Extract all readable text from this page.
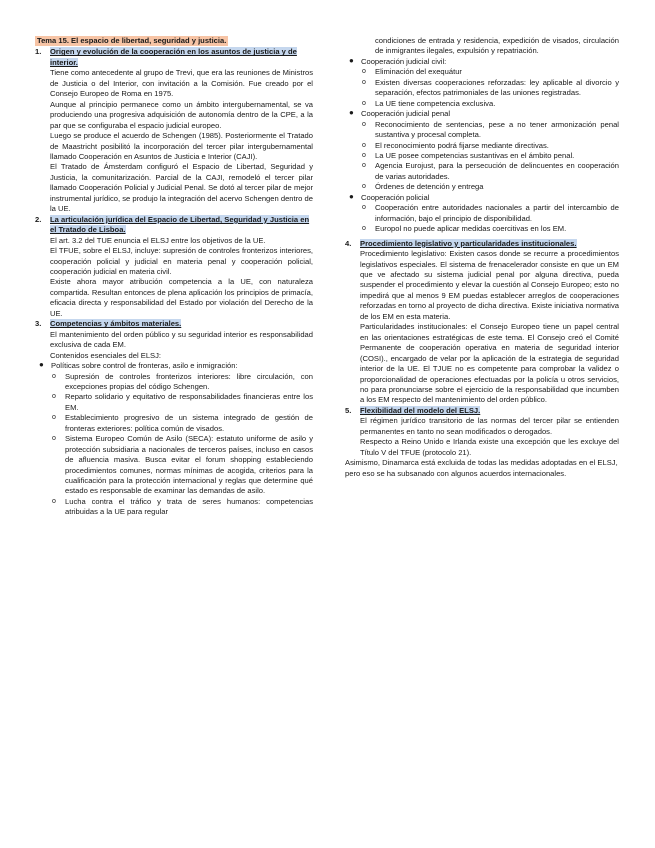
Tema 15. El espacio de libertad, seguridad y justicia.
1. Origen y evolución de la cooperación en los asuntos de justicia y de interior.

Tiene como antecedente al grupo de Trevi, que era las reuniones de Ministros de Justicia o del Interior, con invitación a la Comisión. Fue creado por el Consejo Europeo de Roma en 1975.

Aunque al principio permanece como un ámbito intergubernamental, se va produciendo una progresiva adquisición de autonomía dentro de la CPE, a la par que se configuraba el espacio judicial europeo.

Luego se produce el acuerdo de Schengen (1985). Posteriormente el Tratado de Maastricht posibilitó la incorporación del tercer pilar intergubernamental llamado Cooperación en Asuntos de Justicia e Interior (CAJI).

El Tratado de Ámsterdam configuró el Espacio de Libertad, Seguridad y Justicia, la comunitarización. Parcial de la CAJI, remodeló el tercer pilar llamado Cooperación Policial y Judicial Penal. Se dotó al tercer pilar de mejor instrumental jurídico, se produjo la integración del acervo Schengen dentro de la UE.

2. La articulación jurídica del Espacio de Libertad, Seguridad y Justicia en el Tratado de Lisboa.

El art. 3.2 del TUE enuncia el ELSJ entre los objetivos de la UE.

El TFUE, sobre el ELSJ, incluye: supresión de controles fronterizos interiores, cooperación policial y judicial en materia penal y cooperación policial, cooperación judicial en materia civil.

Existe ahora mayor atribución competencia a la UE, con naturaleza compartida. Resultan entonces de plena aplicación los principios de primacía, eficacia directa y responsabilidad del Estado por violación del Derecho de la UE.

3. Competencias y ámbitos materiales.

El mantenimiento del orden público y su seguridad interior es responsabilidad exclusiva de cada EM.

Contenidos esenciales del ELSJ:

● Políticas sobre control de fronteras, asilo e inmigración:

o Supresión de controles fronterizos interiores: libre circulación, con excepciones propias del código Schengen.

o Reparto solidario y equitativo de responsabilidades financieras entre los EM.

o Establecimiento progresivo de un sistema integrado de gestión de fronteras exteriores: política común de visados.

o Sistema Europeo Común de Asilo (SECA): estatuto uniforme de asilo y protección subsidiaria a nacionales de terceros países, incluso en casos de afluencia masiva. Busca evitar el forum shopping estableciendo procedimientos comunes, normas mínimas de acogida, criterios para la cualificación para la protección internacional y reglas que determine qué estado es responsable de examinar las demandas de asilo.

o Lucha contra el tráfico y trata de seres humanos: competencias atribuidas a la UE para regular

condiciones de entrada y residencia, expedición de visados, circulación de inmigrantes ilegales, expulsión y repatriación.

● Cooperación judicial civil:

o Eliminación del exequátur

o Existen diversas cooperaciones reforzadas: ley aplicable al divorcio y separación, efectos patrimoniales de las uniones registradas.

o La UE tiene competencia exclusiva.

● Cooperación judicial penal

o Reconocimiento de sentencias, pese a no tener armonización penal sustantiva y procesal completa.

o El reconocimiento podrá fijarse mediante directivas.

o La UE posee competencias sustantivas en el ámbito penal.

o Agencia Eurojust, para la persecución de delincuentes en cooperación de varias autoridades.

o Órdenes de detención y entrega

● Cooperación policial

o Cooperación entre autoridades nacionales a partir del intercambio de información, bajo el principio de disponibilidad.

o Europol no puede aplicar medidas coercitivas en los EM.

4. Procedimiento legislativo y particularidades institucionales.

Procedimiento legislativo: Existen casos donde se recurre a procedimientos legislativos especiales. El sistema de frenacelerador consiste en que un EM que ve afectado su sistema judicial penal por alguna directiva, pueda suspender el procedimiento y elevar la cuestión al Consejo Europeo; esto no impedirá que al menos 9 EM puedas establecer arreglos de cooperaciones reforzadas en torno al proyecto de dicha directiva. Existe iniciativa normativa de los EM en esta materia.

Particularidades institucionales: el Consejo Europeo tiene un papel central en las orientaciones estratégicas de este tema. El Consejo creó el Comité Permanente de cooperación operativa en materia de seguridad interior (COSI)., encargado de velar por la aplicación de la estrategia de seguridad interior de la UE. El TJUE no es competente para comprobar la validez o proporcionalidad de operaciones efectuadas por la policía u otros servicios, no para pronunciarse sobre el ejercicio de la responsabilidad que incumben a los EM respecto del mantenimiento del orden público.

5. Flexibilidad del modelo del ELSJ.

El régimen jurídico transitorio de las normas del tercer pilar se entienden permanentes en tanto no sean modificados o derogados.

Respecto a Reino Unido e Irlanda existe una excepción que les excluye del Título V del TFUE (protocolo 21).

Asimismo, Dinamarca está excluida de todas las medidas adoptadas en el ELSJ, pero eso se ha subsanado con algunos acuerdos internacionales.
